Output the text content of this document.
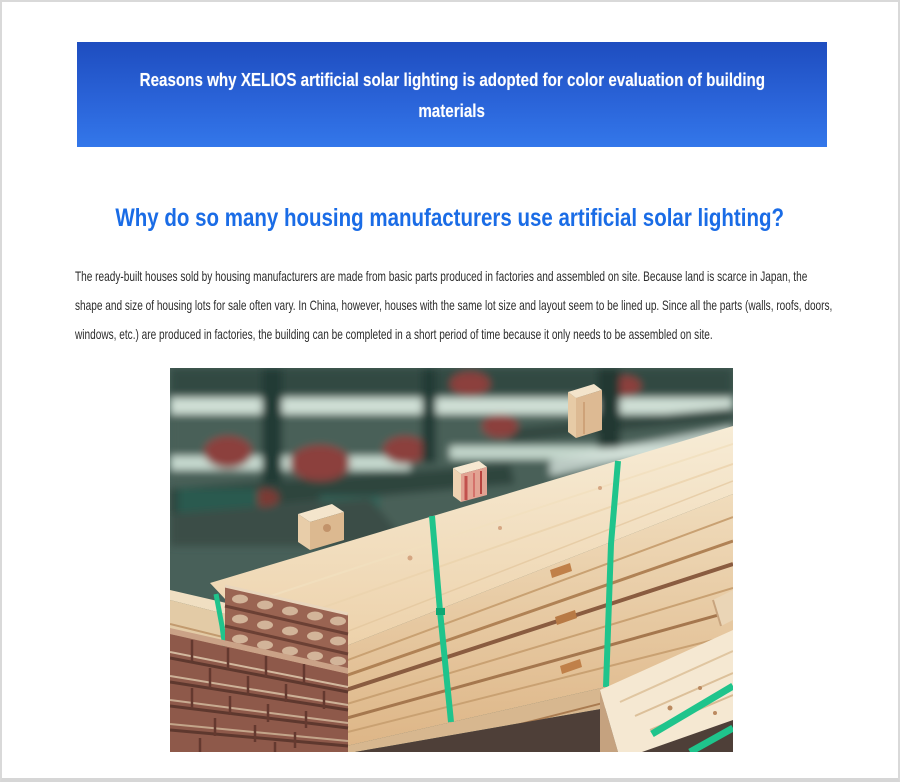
Reasons why XELIOS artificial solar lighting is adopted for color evaluation of building
materials
Why do so many housing manufacturers use artificial solar lighting?
The ready-built houses sold by housing manufacturers are made from basic parts produced in factories and assembled on site. Because land is scarce in Japan, the
shape and size of housing lots for sale often vary. In China, however, houses with the same lot size and layout seem to be lined up. Since all the parts (walls, roofs, doors,
windows, etc.) are produced in factories, the building can be completed in a short period of time because it only needs to be assembled on site.
